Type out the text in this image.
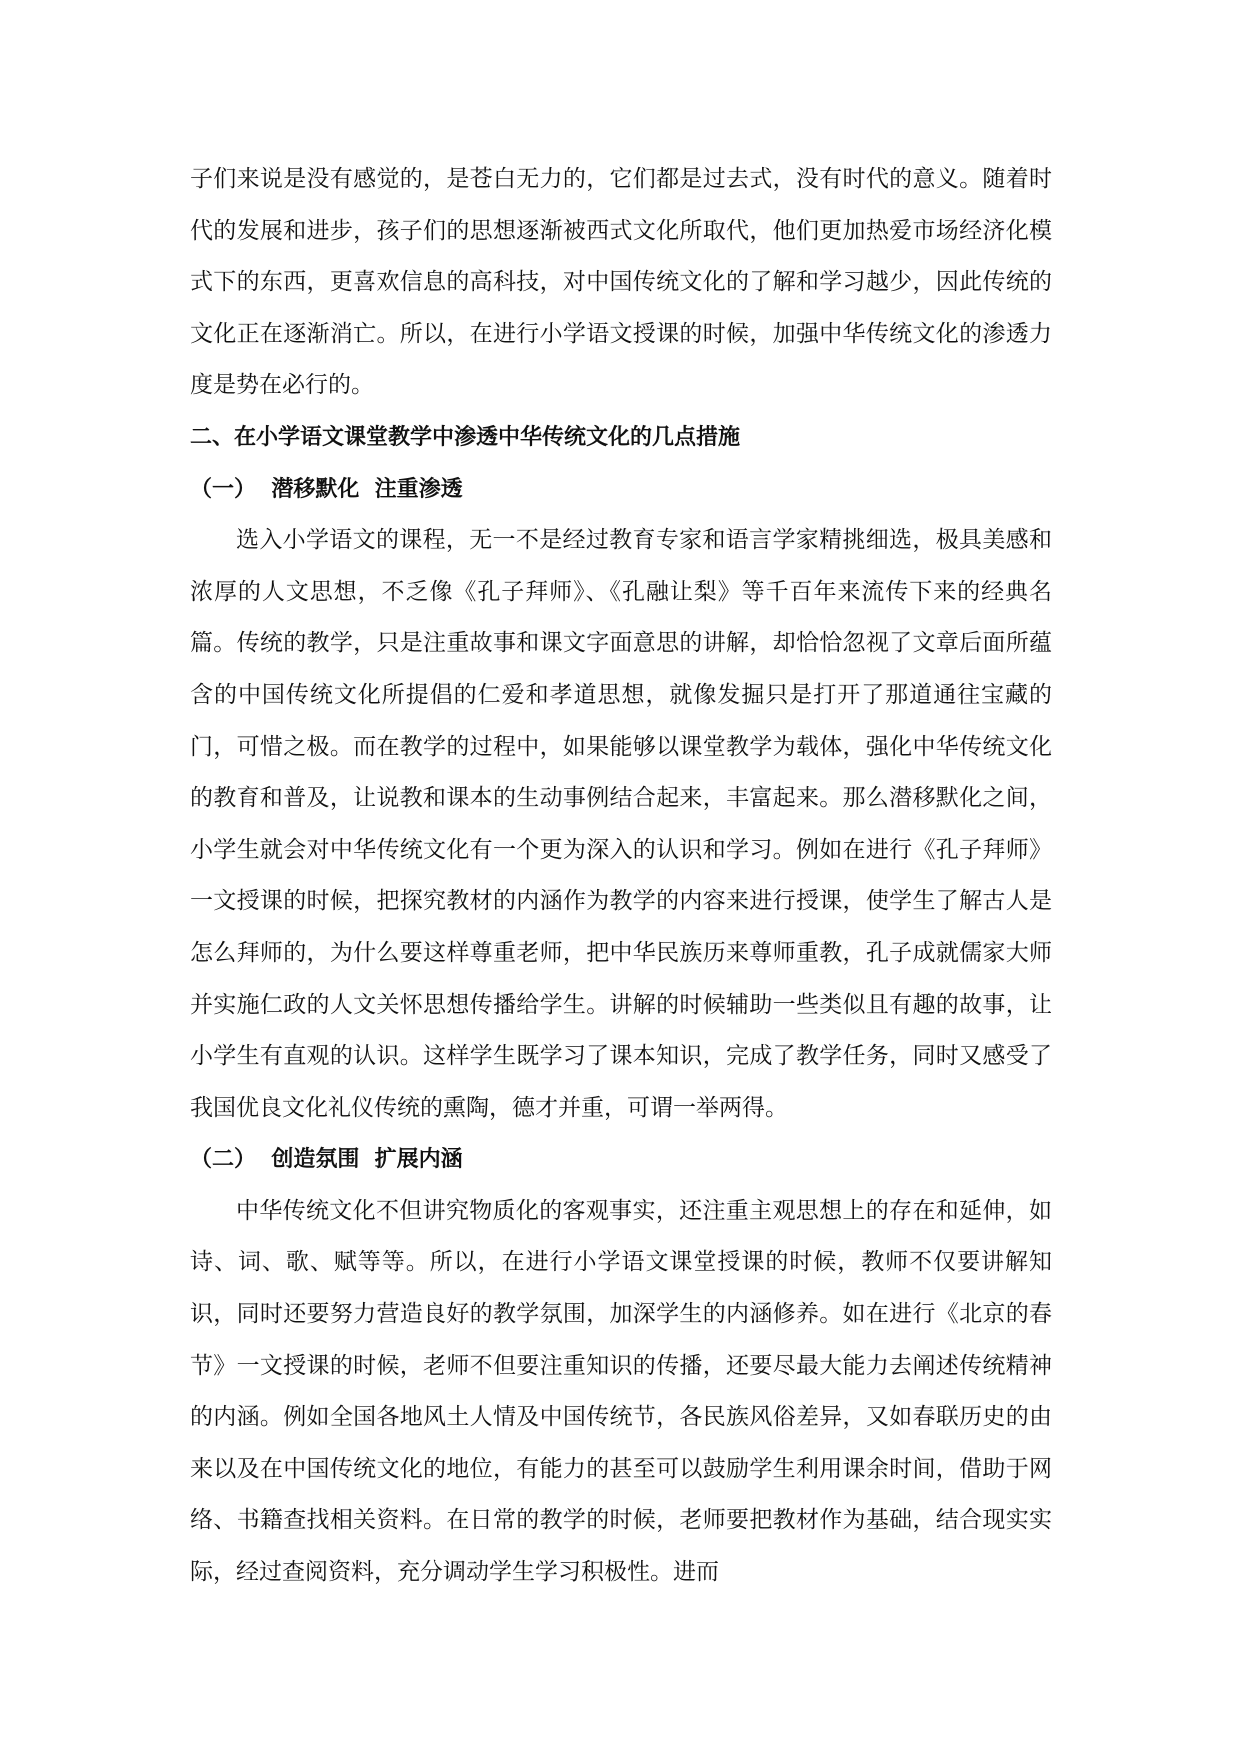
子们来说是没有感觉的，是苍白无力的，它们都是过去式，没有时代的意义。随着时代的发展和进步，孩子们的思想逐渐被西式文化所取代，他们更加热爱市场经济化模式下的东西，更喜欢信息的高科技，对中国传统文化的了解和学习越少，因此传统的文化正在逐渐消亡。所以，在进行小学语文授课的时候，加强中华传统文化的渗透力度是势在必行的。

二、在小学语文课堂教学中渗透中华传统文化的几点措施

（一）  潜移默化  注重渗透

选入小学语文的课程，无一不是经过教育专家和语言学家精挑细选，极具美感和浓厚的人文思想，不乏像《孔子拜师》、《孔融让梨》等千百年来流传下来的经典名篇。传统的教学，只是注重故事和课文字面意思的讲解，却恰恰忽视了文章后面所蕴含的中国传统文化所提倡的仁爱和孝道思想，就像发掘只是打开了那道通往宝藏的门，可惜之极。而在教学的过程中，如果能够以课堂教学为载体，强化中华传统文化的教育和普及，让说教和课本的生动事例结合起来，丰富起来。那么潜移默化之间，小学生就会对中华传统文化有一个更为深入的认识和学习。例如在进行《孔子拜师》一文授课的时候，把探究教材的内涵作为教学的内容来进行授课，使学生了解古人是怎么拜师的，为什么要这样尊重老师，把中华民族历来尊师重教，孔子成就儒家大师并实施仁政的人文关怀思想传播给学生。讲解的时候辅助一些类似且有趣的故事，让小学生有直观的认识。这样学生既学习了课本知识，完成了教学任务，同时又感受了我国优良文化礼仪传统的熏陶，德才并重，可谓一举两得。

（二）  创造氛围  扩展内涵

中华传统文化不但讲究物质化的客观事实，还注重主观思想上的存在和延伸，如诗、词、歌、赋等等。所以，在进行小学语文课堂授课的时候，教师不仅要讲解知识，同时还要努力营造良好的教学氛围，加深学生的内涵修养。如在进行《北京的春节》一文授课的时候，老师不但要注重知识的传播，还要尽最大能力去阐述传统精神的内涵。例如全国各地风土人情及中国传统节，各民族风俗差异，又如春联历史的由来以及在中国传统文化的地位，有能力的甚至可以鼓励学生利用课余时间，借助于网络、书籍查找相关资料。在日常的教学的时候，老师要把教材作为基础，结合现实实际，经过查阅资料，充分调动学生学习积极性。进而
